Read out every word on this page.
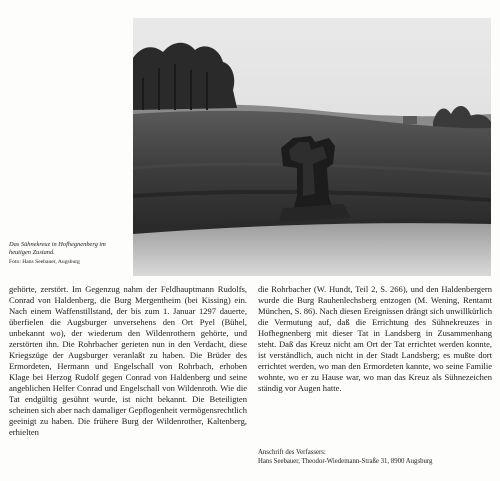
Das Sühnekreuz in Hofhegnenberg im heutigen Zustand.
Foto: Hans Seebauer, Augsburg

gehörte, zerstört. Im Gegenzug nahm der Feldhauptmann Rudolfs, Conrad von Haldenberg, die Burg Mergentheim (bei Kissing) ein. Nach einem Waffenstillstand, der bis zum 1. Januar 1297 dauerte, überfielen die Augsburger unversehens den Ort Pyel (Bühel, unbekannt wo), der wiederum den Wildenrothern gehörte, und zerstörten ihn. Die Rohrbacher gerieten nun in den Verdacht, diese Kriegszüge der Augsburger veranlaßt zu haben. Die Brüder des Ermordeten, Hermann und Engelschall von Rohrbach, erhoben Klage bei Herzog Rudolf gegen Conrad von Haldenberg und seine angeblichen Helfer Conrad und Engelschall von Wildenroth. Wie die Tat endgültig gesühnt wurde, ist nicht bekannt. Die Beteiligten scheinen sich aber nach damaliger Gepflogenheit vermögensrechtlich geeinigt zu haben. Die frühere Burg der Wildenrother, Kaltenberg, erhielten

die Rohrbacher (W. Hundt, Teil 2, S. 266), und den Haldenbergern wurde die Burg Rauhenlechsberg entzogen (M. Wening, Rentamt München, S. 86). Nach diesen Ereignissen drängt sich unwillkürlich die Vermutung auf, daß die Errichtung des Sühnekreuzes in Hofhegnenberg mit dieser Tat in Landsberg in Zusammenhang steht. Daß das Kreuz nicht am Ort der Tat errichtet werden konnte, ist verständlich, auch nicht in der Stadt Landsberg; es mußte dort errichtet werden, wo man den Ermordeten kannte, wo seine Familie wohnte, wo er zu Hause war, wo man das Kreuz als Sühnezeichen ständig vor Augen hatte.

Anschrift des Verfassers:
Hans Seebauer, Theodor-Wiedemann-Straße 31, 8900 Augsburg
